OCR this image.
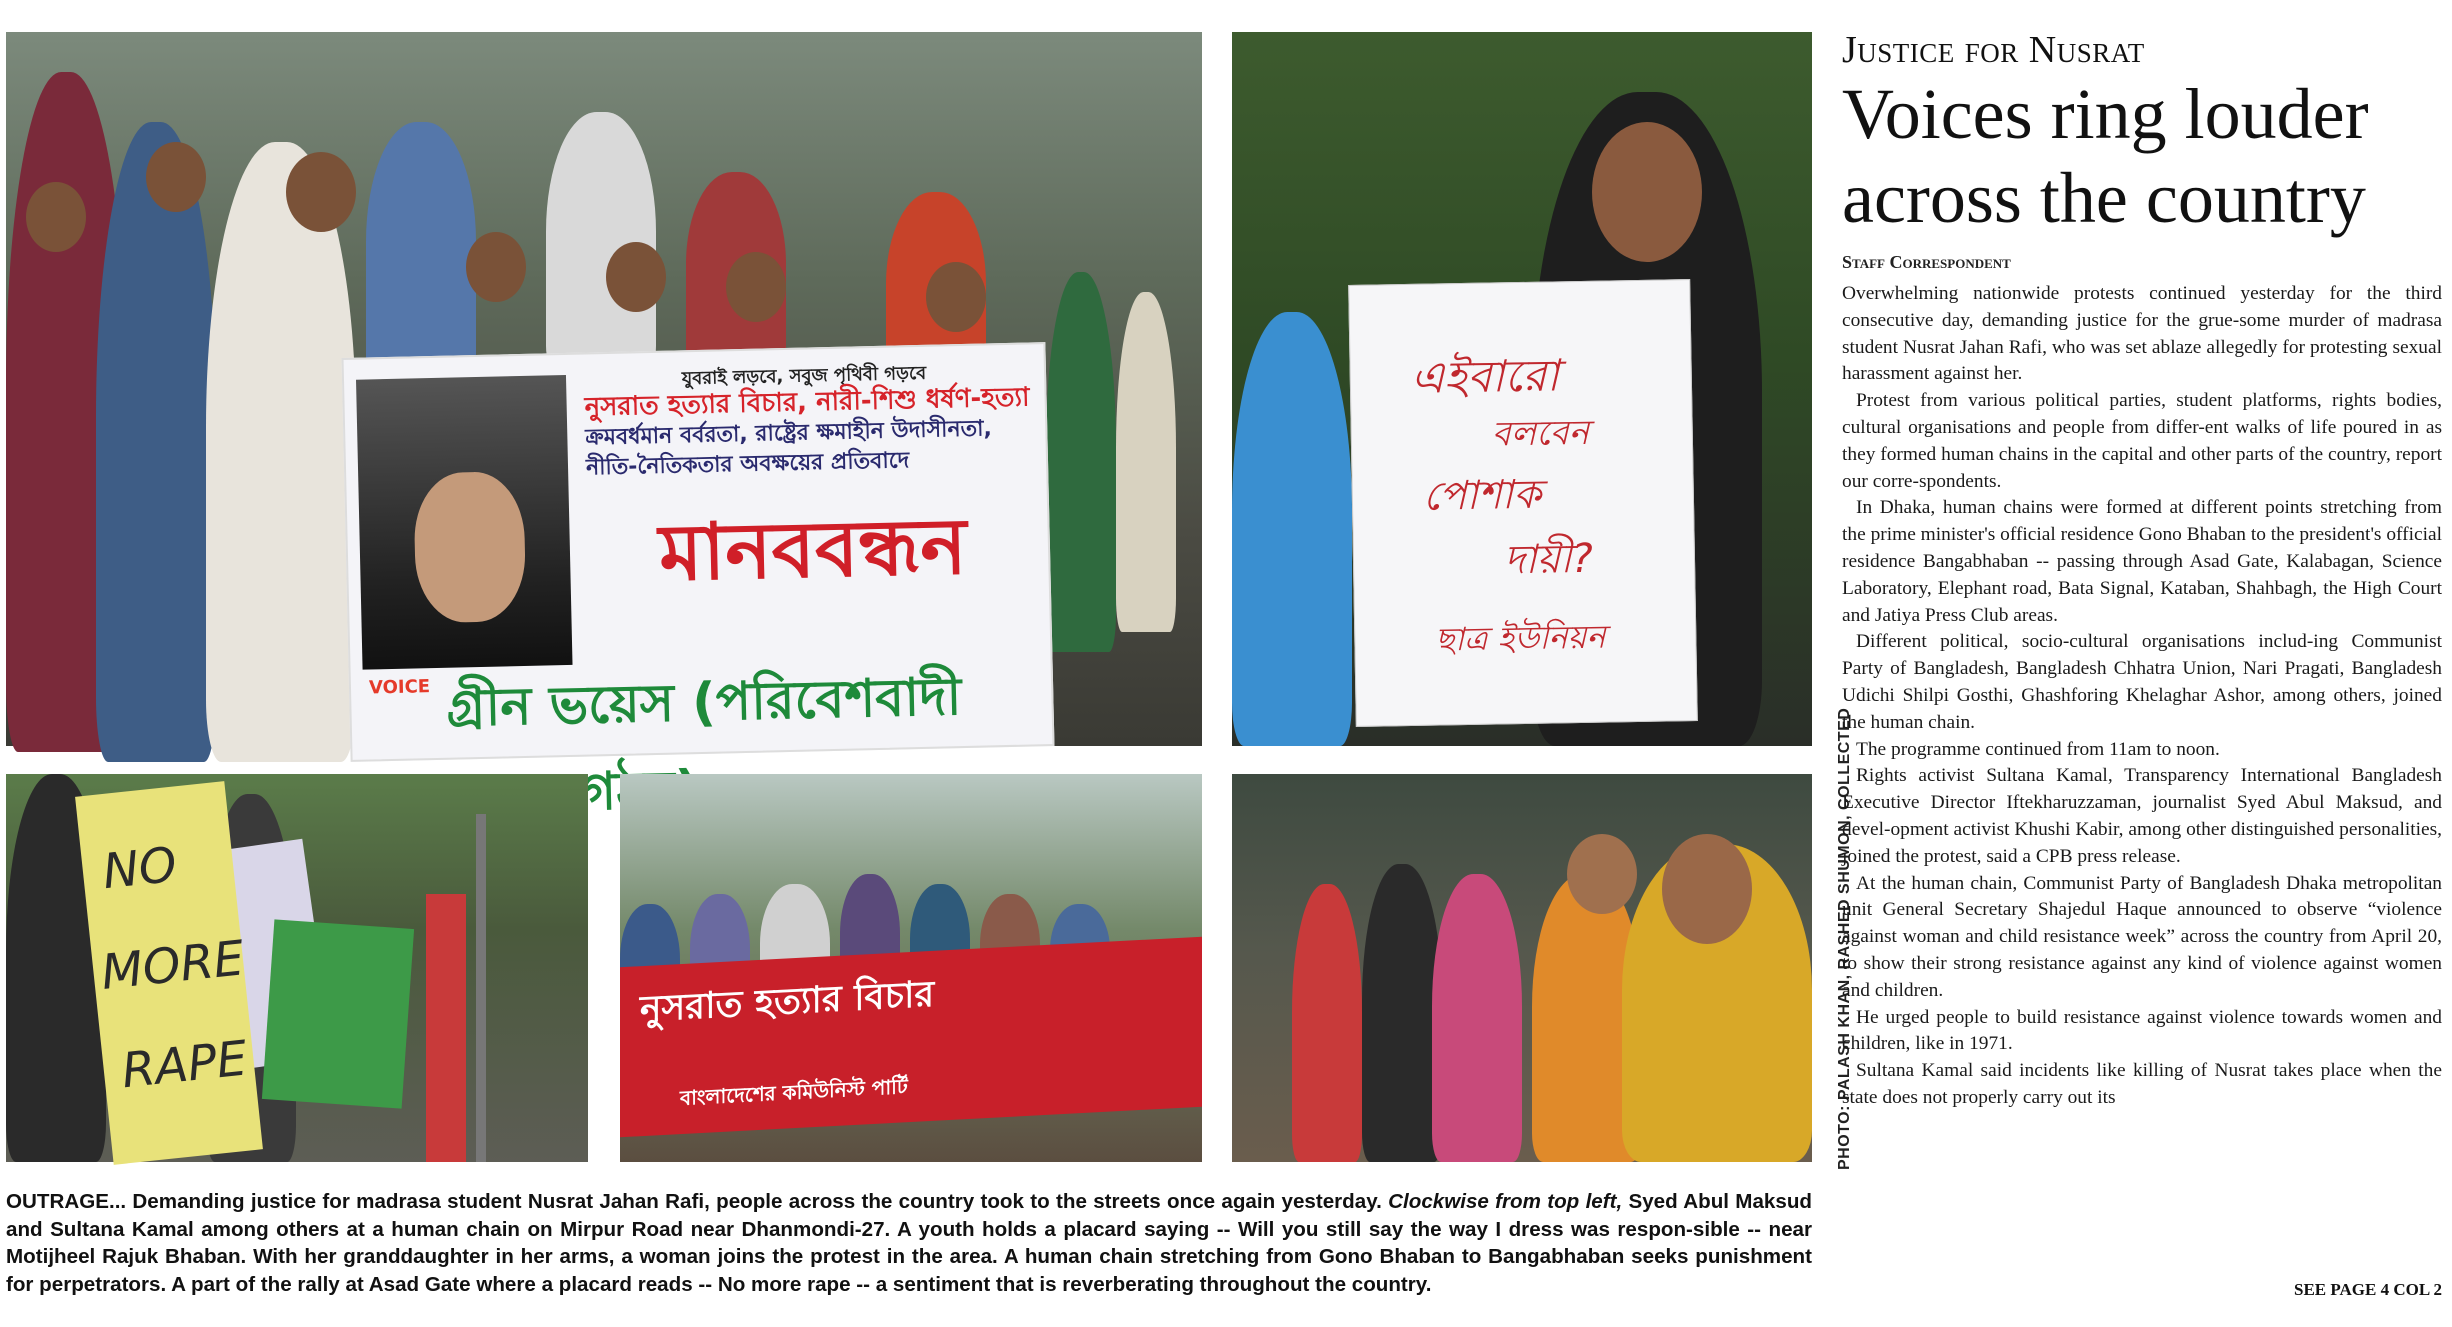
যুবরাই লড়বে, সবুজ পৃথিবী গড়বে
নুসরাত হত্যার বিচার, নারী-শিশু ধর্ষণ-হত্যা
ক্রমবর্ধমান বর্বরতা, রাষ্ট্রের ক্ষমাহীন উদাসীনতা,
নীতি-নৈতিকতার অবক্ষয়ের প্রতিবাদে
মানববন্ধন
VOICE গ্রীন ভয়েস (পরিবেশবাদী সংগঠন)
এইবারো
বলবেন
পোশাক
দায়ী?
ছাত্র ইউনিয়ন
NO
MORE
RAPE
নুসরাত হত্যার বিচার
বাংলাদেশের কমিউনিস্ট পার্টি	PHOTO: PALASH KHAN, RASHED SHUMON, COLLECTED
OUTRAGE... Demanding justice for madrasa student Nusrat Jahan Rafi, people across the country took to the streets once again yesterday. Clockwise from top left, Syed Abul Maksud and Sultana Kamal among others at a human chain on Mirpur Road near Dhanmondi-27. A youth holds a placard saying -- Will you still say the way I dress was respon-sible -- near Motijheel Rajuk Bhaban. With her granddaughter in her arms, a woman joins the protest in the area. A human chain stretching from Gono Bhaban to Bangabhaban seeks punishment for perpetrators. A part of the rally at Asad Gate where a placard reads -- No more rape -- a sentiment that is reverberating throughout the country.
Justice for Nusrat
Voices ring louder
across the country
Staff Correspondent

Overwhelming nationwide protests continued yesterday for the third consecutive day, demanding justice for the grue-some murder of madrasa student Nusrat Jahan Rafi, who was set ablaze allegedly for protesting sexual harassment against her.

Protest from various political parties, student platforms, rights bodies, cultural organisations and people from differ-ent walks of life poured in as they formed human chains in the capital and other parts of the country, report our corre-spondents.

In Dhaka, human chains were formed at different points stretching from the prime minister's official residence Gono Bhaban to the president's official residence Bangabhaban -- passing through Asad Gate, Kalabagan, Science Laboratory, Elephant road, Bata Signal, Kataban, Shahbagh, the High Court and Jatiya Press Club areas.

Different political, socio-cultural organisations includ-ing Communist Party of Bangladesh, Bangladesh Chhatra Union, Nari Pragati, Bangladesh Udichi Shilpi Gosthi, Ghashforing Khelaghar Ashor, among others, joined the human chain.

The programme continued from 11am to noon.

Rights activist Sultana Kamal, Transparency International Bangladesh Executive Director Iftekharuzzaman, journalist Syed Abul Maksud, and devel-opment activist Khushi Kabir, among other distinguished personalities, joined the protest, said a CPB press release.

At the human chain, Communist Party of Bangladesh Dhaka metropolitan unit General Secretary Shajedul Haque announced to observe “violence against woman and child resistance week” across the country from April 20, to show their strong resistance against any kind of violence against women and children.

He urged people to build resistance against violence towards women and children, like in 1971.

Sultana Kamal said incidents like killing of Nusrat takes place when the state does not properly carry out its

SEE PAGE 4 COL 2
